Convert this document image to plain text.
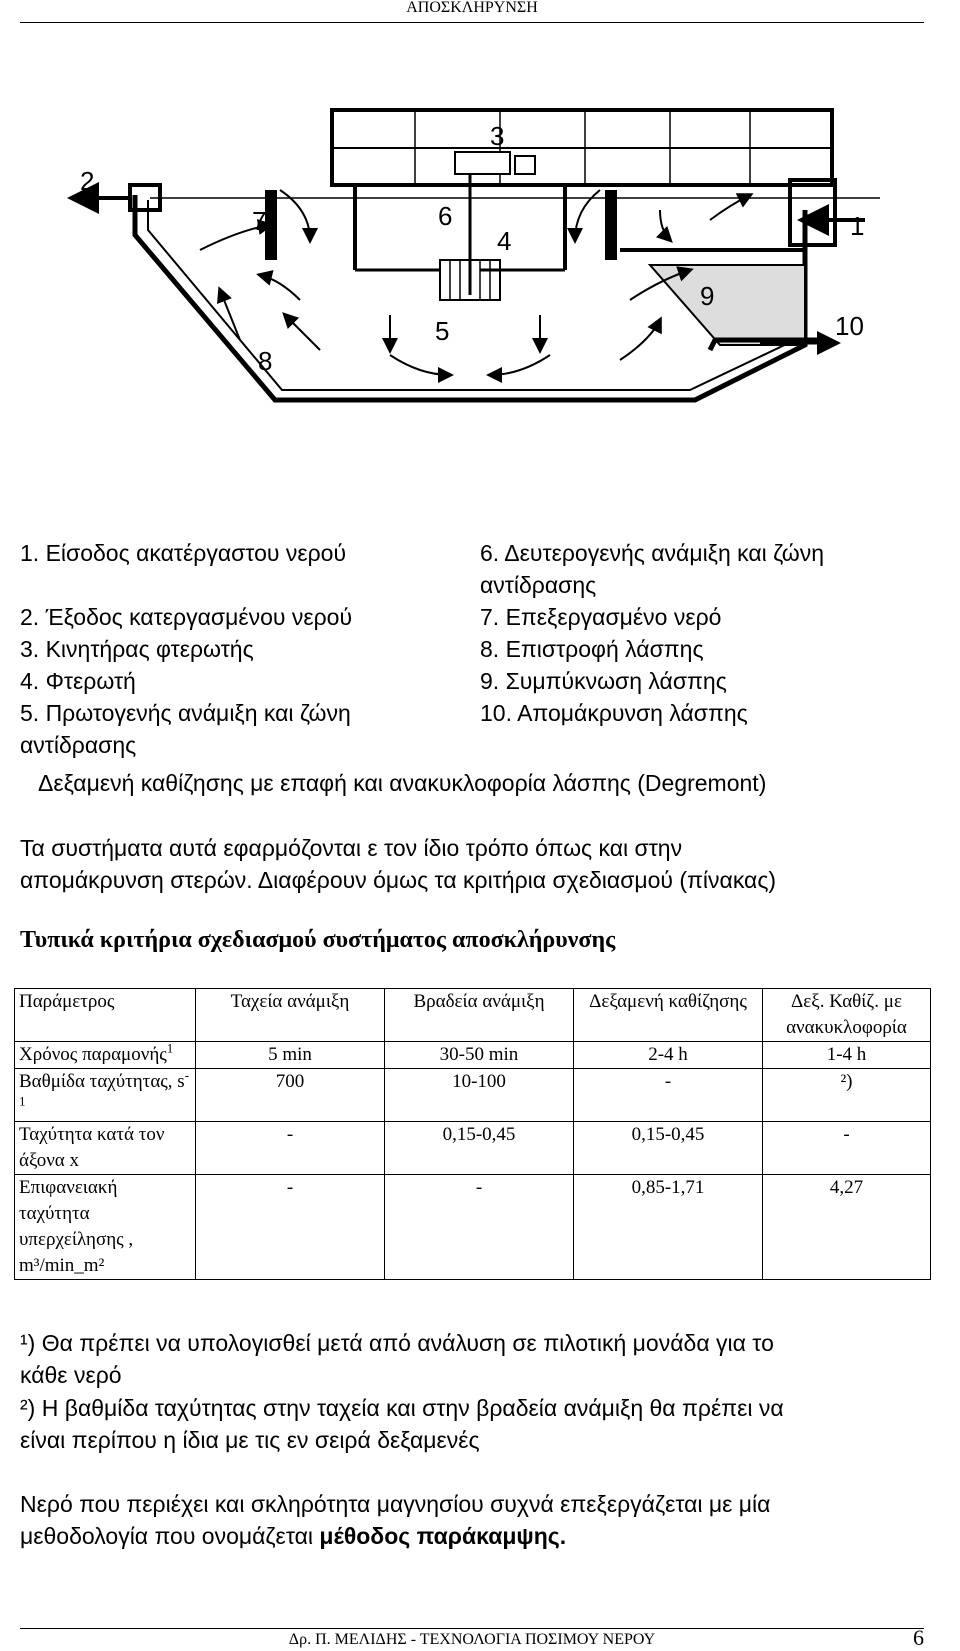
ΑΠΟΣΚΛΗΡΥΝΣΗ
1
2
3
4
5
6
7
8
9
10
1. Είσοδος ακατέργαστου νερού	6. Δευτερογενής ανάμιξη και ζώνη
αντίδρασης
2. Έξοδος κατεργασμένου νερού	7. Επεξεργασμένο νερό
3. Κινητήρας φτερωτής	8. Επιστροφή λάσπης
4. Φτερωτή	9. Συμπύκνωση λάσπης
5. Πρωτογενής ανάμιξη και ζώνη	10. Απομάκρυνση λάσπης
αντίδρασης
Δεξαμενή καθίζησης με επαφή και ανακυκλοφορία λάσπης (Degremont)
Τα συστήματα αυτά εφαρμόζονται ε τον ίδιο τρόπο όπως και στην
απομάκρυνση στερών. Διαφέρουν όμως τα κριτήρια σχεδιασμού (πίνακας)
Τυπικά κριτήρια σχεδιασμού συστήματος αποσκλήρυνσης
Παράμετρος	Ταχεία ανάμιξη	Βραδεία ανάμιξη	Δεξαμενή καθίζησης	Δεξ. Καθίζ. με ανακυκλοφορία
Χρόνος παραμονής$^1$	5 min	30-50 min	2-4 h	1-4 h
Βαθμίδα ταχύτητας, $s^{-1}$	700	10-100	-	²)
Ταχύτητα κατά τον άξονα x	-	0,15-0,45	0,15-0,45	-
Επιφανειακή ταχύτητα υπερχείλησης , m³/min_m²	-	-	0,85-1,71	4,27
¹) Θα πρέπει να υπολογισθεί μετά από ανάλυση σε πιλοτική μονάδα για το
κάθε νερό
²) Η βαθμίδα ταχύτητας στην ταχεία και στην βραδεία ανάμιξη θα πρέπει να
είναι περίπου η ίδια με τις εν σειρά δεξαμενές
Νερό που περιέχει και σκληρότητα μαγνησίου συχνά επεξεργάζεται με μία
μεθοδολογία που ονομάζεται μέθοδος παράκαμψης.
Δρ. Π. ΜΕΛΙΔΗΣ - ΤΕΧΝΟΛΟΓΙΑ ΠΟΣΙΜΟΥ ΝΕΡΟΥ	6
